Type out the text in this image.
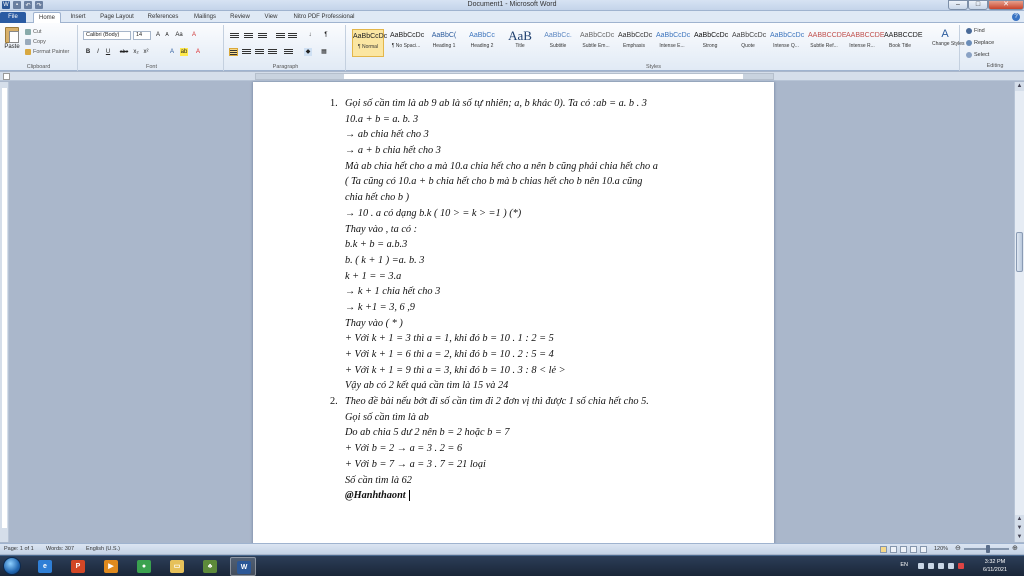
W	▪	↶ ↷	Document1 - Microsoft Word	–	□	✕
File	Home	Insert	Page Layout	References	Mailings	Review	View	Nitro PDF Professional	?
Paste
Cut
Copy
Format Painter
Clipboard
Calibri (Body)	14	A	A	Aa	A
B	I	U	abe x₂ x²	A	ab	A
Font
↓	¶
◆ ▦
Paragraph
AaBbCcDc
¶ Normal
AaBbCcDc
¶ No Spaci...
AaBbC(
Heading 1
AaBbCc
Heading 2
AaB
Title
AaBbCc.
Subtitle
AaBbCcDc
Subtle Em...
AaBbCcDc
Emphasis
AaBbCcDc
Intense E...
AaBbCcDc
Strong
AaBbCcDc
Quote
AaBbCcDc
Intense Q...
AABBCCDE
Subtle Ref...
AABBCCDE
Intense R...
AABBCCDE
Book Title
A
Change Styles
Styles
Find
Replace
Select
Editing
1. Gọi số cần tìm là ab 9 ab là số tự nhiên; a, b khác 0). Ta có :ab = a. b . 3
10.a + b = a. b. 3
→ ab chia hết cho 3
→ a + b chia hết cho 3
Mà ab chia hết cho a mà 10.a chia hết cho a nên b cũng phải chia hết cho a
( Ta cũng có 10.a + b chia hết cho b mà b chias hết cho b nên 10.a cũng
chia hết cho b )
→ 10 . a có dạng b.k ( 10 > = k > =1 ) (*)
Thay vào , ta có :
b.k + b = a.b.3
b. ( k + 1 ) =a. b. 3
k + 1 = = 3.a
→ k + 1 chia hết cho 3
→ k +1 = 3, 6 ,9
Thay vào ( * )
+ Với k + 1 = 3 thì a = 1, khi đó b = 10 . 1 : 2 = 5
+ Với k + 1 = 6 thì a = 2, khi đó b = 10 . 2 : 5 = 4
+ Với k + 1 = 9 thì a = 3, khi đó b = 10 . 3 : 8 < lẻ >
Vậy ab có 2 kết quả cần tìm là 15 và 24
2. Theo đề bài nếu bớt đi số cần tìm đi 2 đơn vị thì được 1 số chia hết cho 5.
Gọi số cần tìm là ab
Do ab chia 5 dư 2 nên b = 2 hoặc b = 7
+ Với b = 2 → a = 3 . 2 = 6
+ Với b = 7 → a = 3 . 7 = 21 loại
Số cần tìm là 62
@Hanhthaont
▲
▲
▼
▼
Page: 1 of 1 Words: 307 English (U.S.)	120% ⊖	⊕
e	P	▶	●	▭	♣	W	EN	3:32 PM
6/11/2021
